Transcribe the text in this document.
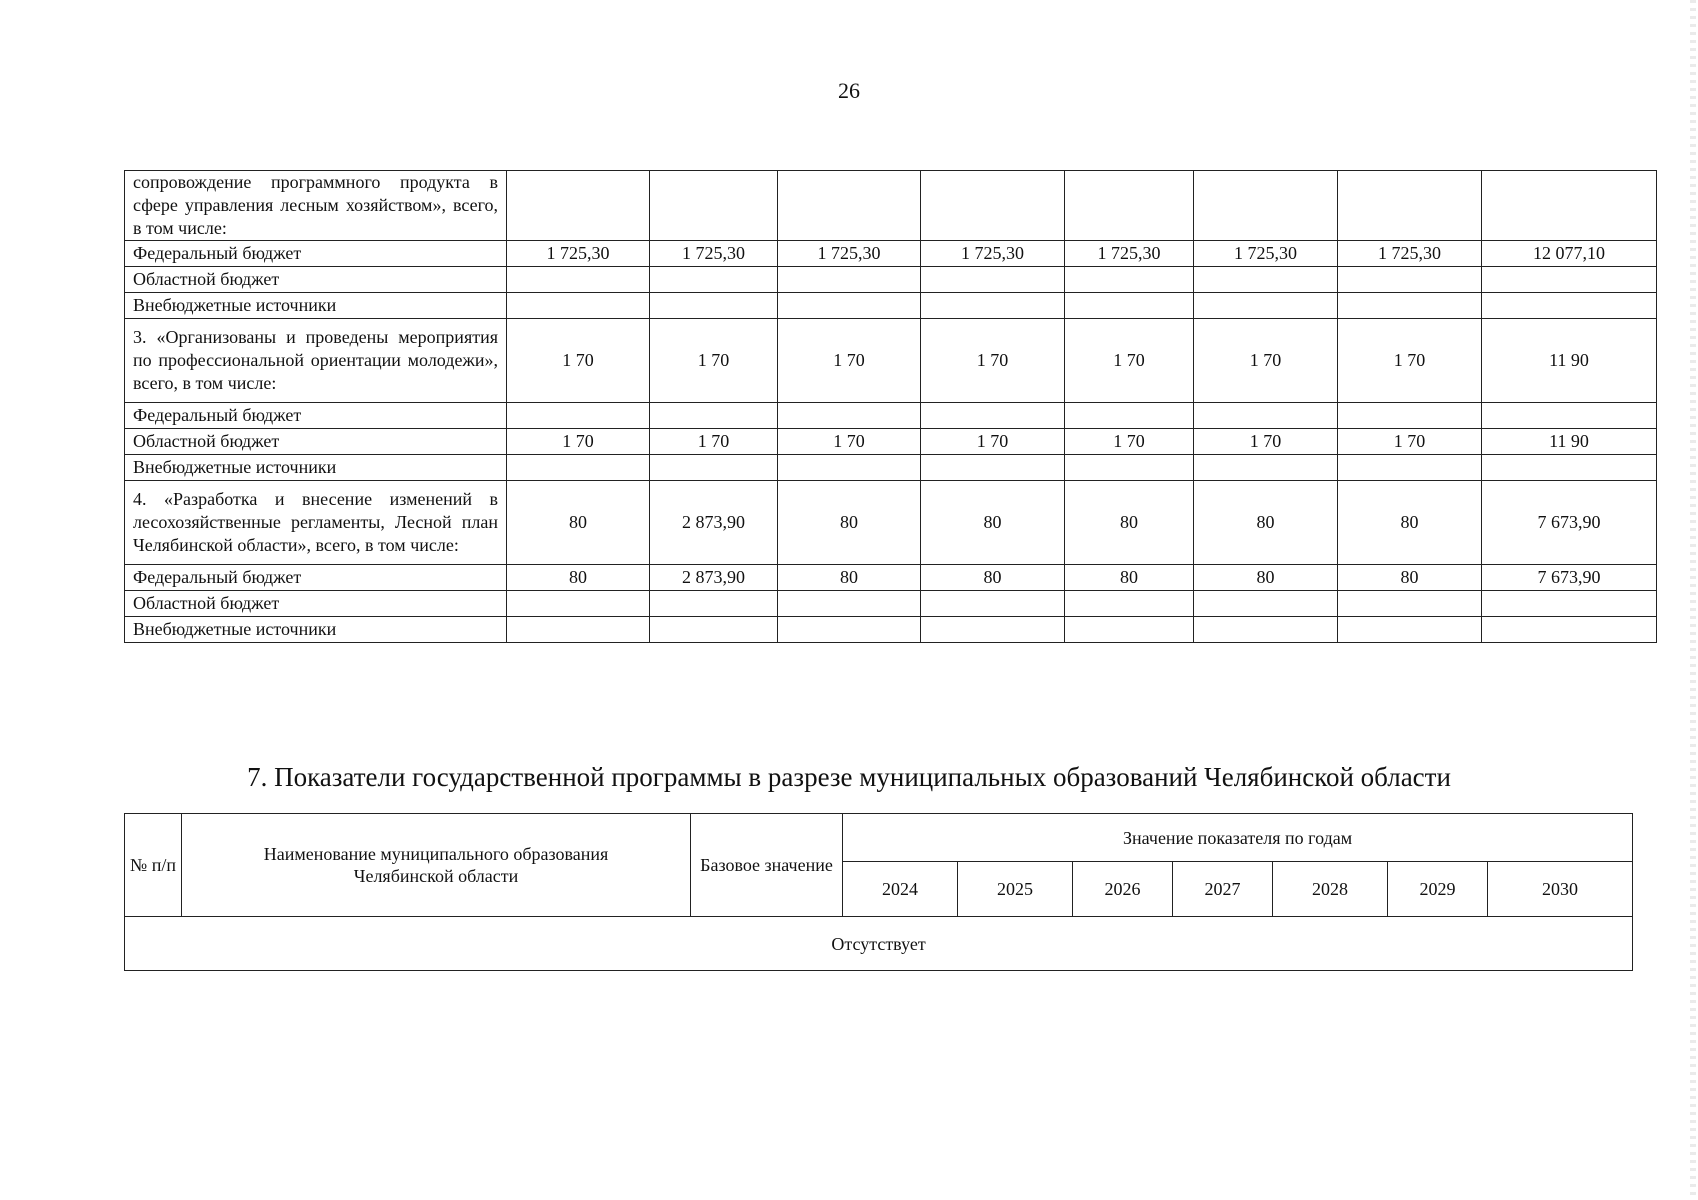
26
сопровождение программного продукта в сфере управления лесным хозяйством», всего, в том числе:								
Федеральный бюджет	1 725,30	1 725,30	1 725,30	1 725,30	1 725,30	1 725,30	1 725,30	12 077,10
Областной бюджет								
Внебюджетные источники								
3. «Организованы и проведены мероприятия по профессиональной ориентации молодежи», всего, в том числе:	1 70	1 70	1 70	1 70	1 70	1 70	1 70	11 90
Федеральный бюджет								
Областной бюджет	1 70	1 70	1 70	1 70	1 70	1 70	1 70	11 90
Внебюджетные источники								
4. «Разработка и внесение изменений в лесохозяйственные регламенты, Лесной план Челябинской области», всего, в том числе:	80	2 873,90	80	80	80	80	80	7 673,90
Федеральный бюджет	80	2 873,90	80	80	80	80	80	7 673,90
Областной бюджет								
Внебюджетные источники								
7. Показатели государственной программы в разрезе муниципальных образований Челябинской области
№ п/п	Наименование муниципального образования Челябинской области	Базовое значение	Значение показателя по годам						
			2024	2025	2026	2027	2028	2029	2030
Отсутствует									
